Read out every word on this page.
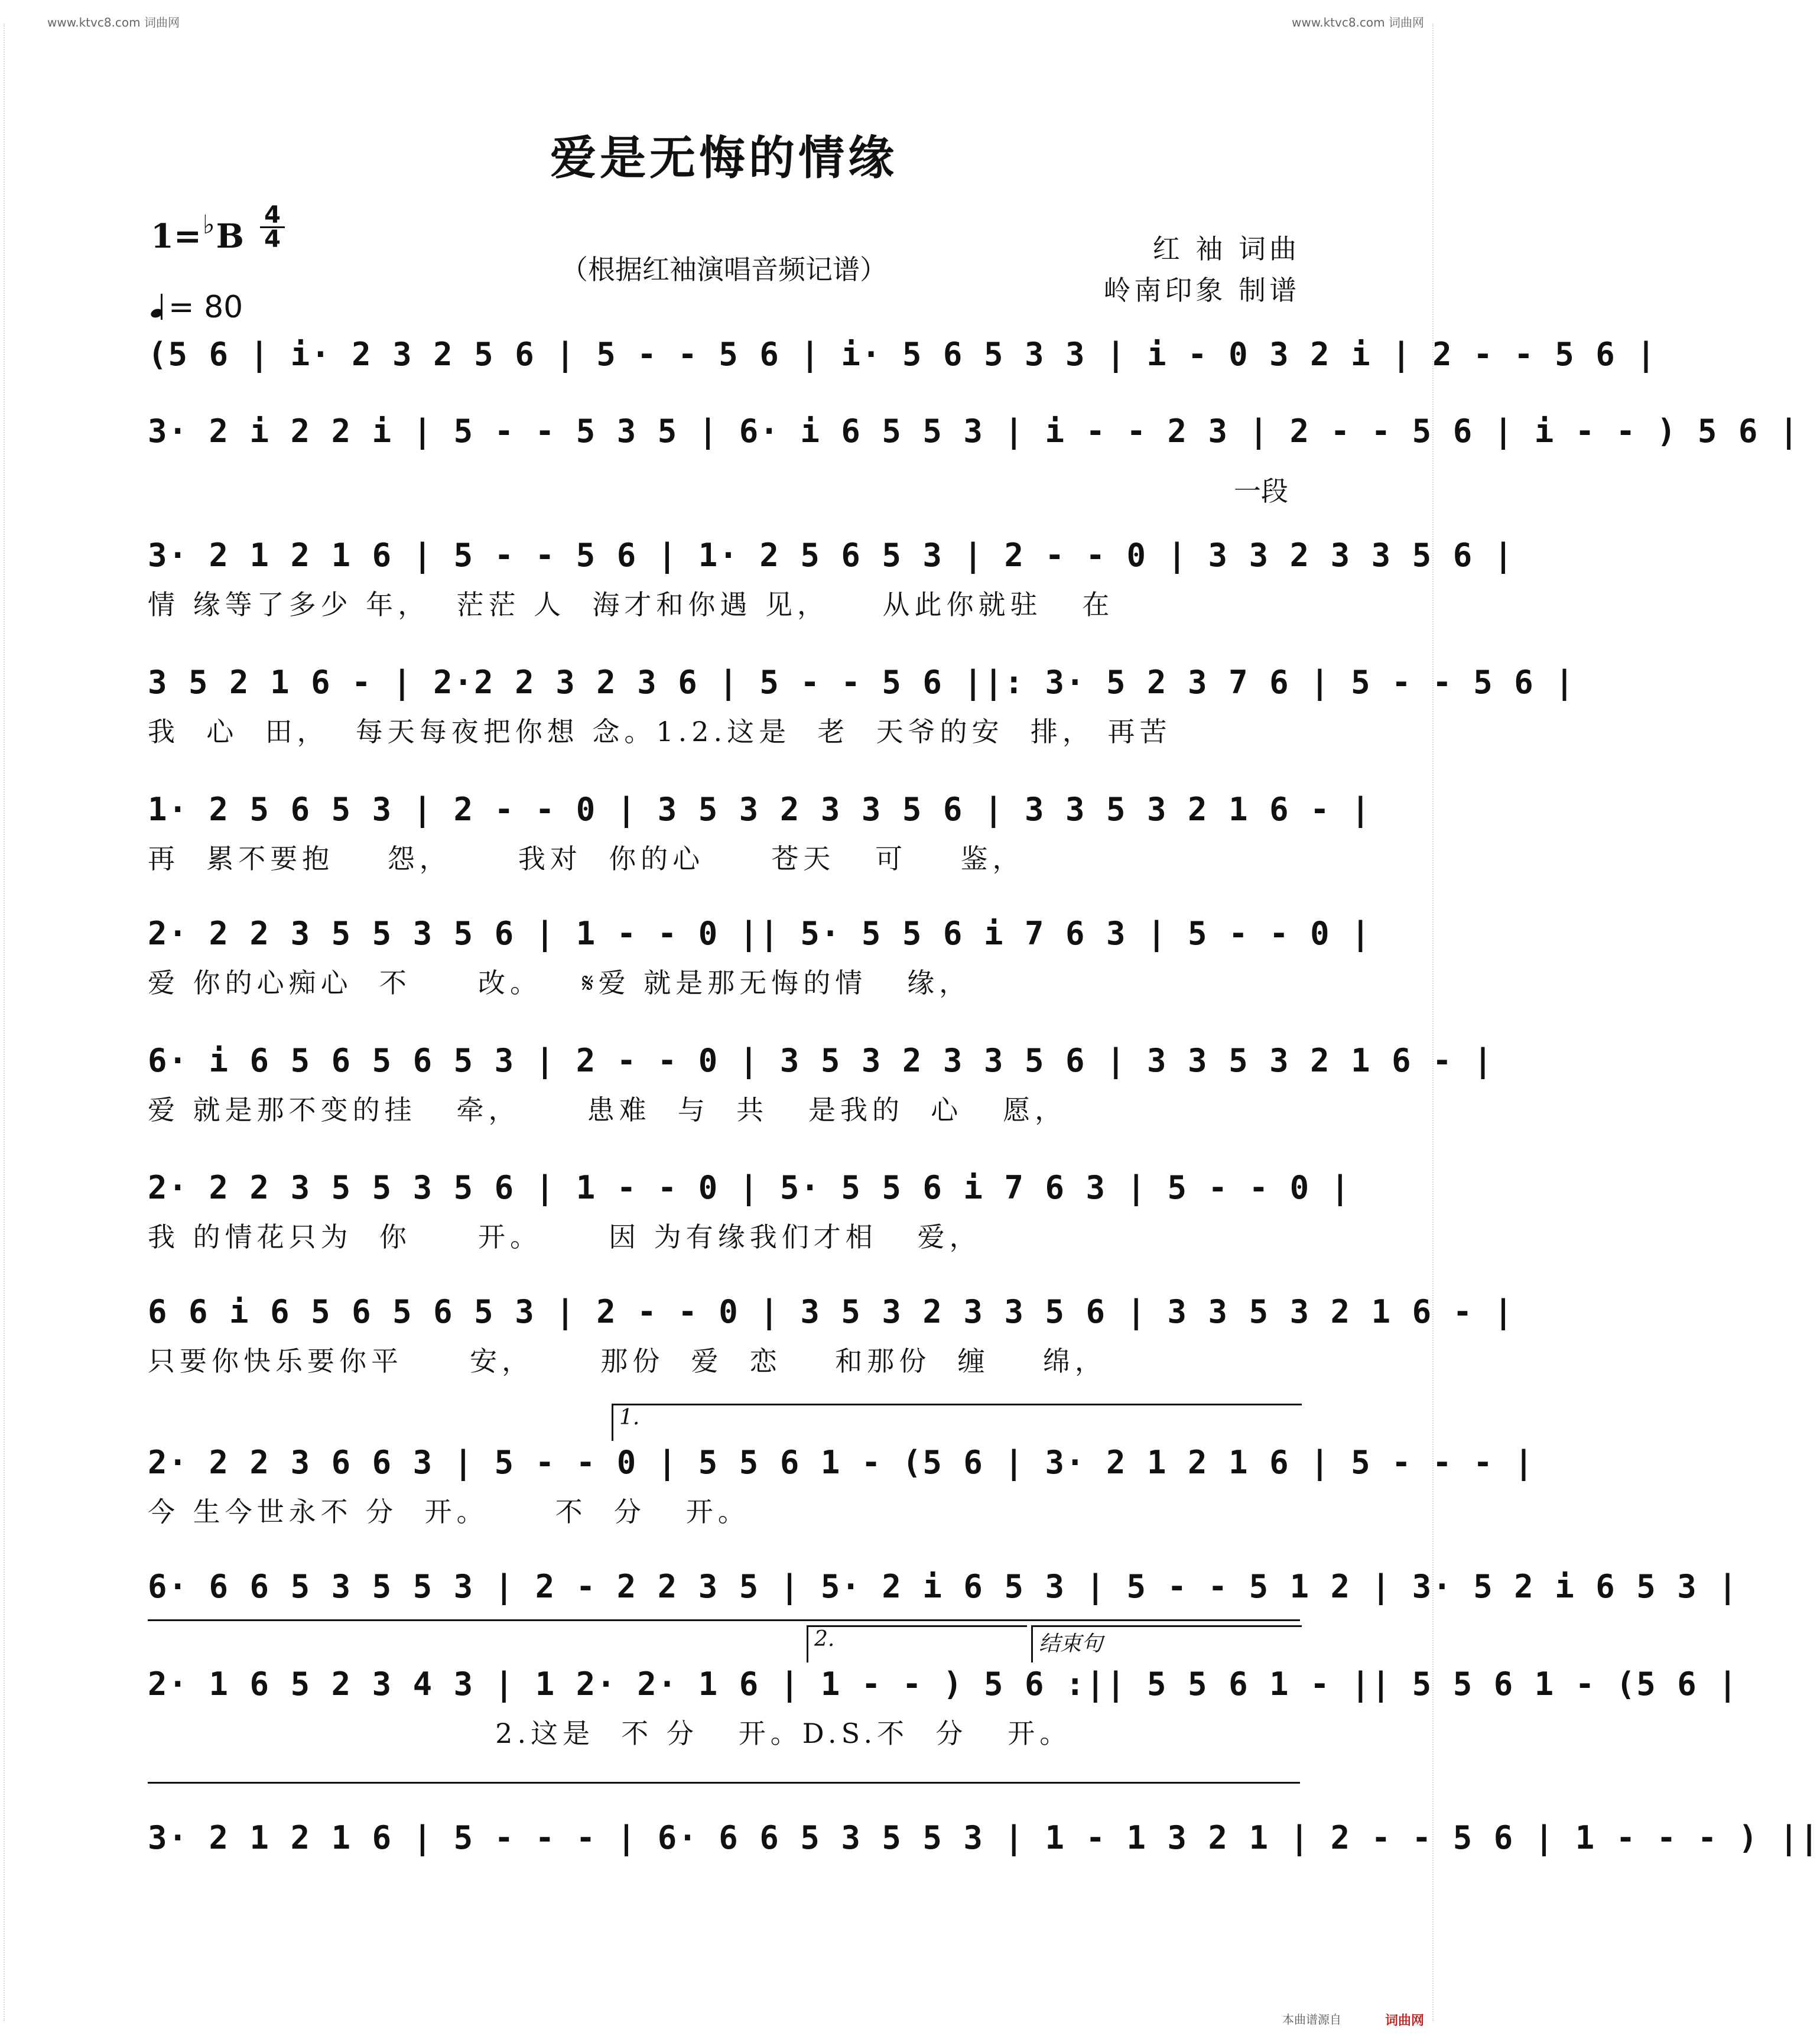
www.ktvc8.com 词曲网	www.ktvc8.com 词曲网
爱是无悔的情缘
1=♭B
4
4
（根据红袖演唱音频记谱）
红 袖 词曲
岭南印象 制谱
= 80
(5 6 | i· 2 3 2 5 6 | 5 - - 5 6 | i· 5 6 5 3 3 | i - 0 3 2 i | 2 - - 5 6 |
3· 2 i 2 2 i | 5 - - 5 3 5 | 6· i 6 5 5 3 | i - - 2 3 | 2 - - 5 6 | i - - ) 5 6 |
一段
3· 2 1 2 1 6 | 5 - - 5 6 | 1· 2 5 6 5 3 | 2 - - 0 | 3 3 2 3 3 5 6 |
情 缘等了多少 年，  茫茫 人  海才和你遇 见，    从此你就驻   在
3 5 2 1 6 - | 2·2 2 3 2 3 6 | 5 - - 5 6 ||: 3· 5 2 3 7 6 | 5 - - 5 6 |
我  心  田，  每天每夜把你想 念。1.2.这是  老  天爷的安  排， 再苦
1· 2 5 6 5 3 | 2 - - 0 | 3 5 3 2 3 3 5 6 | 3 3 5 3 2 1 6 - |
再  累不要抱    怨，     我对  你的心     苍天   可    鉴，
2· 2 2 3 5 5 3 5 6 | 1 - - 0 || 5· 5 5 6 i 7 6 3 | 5 - - 0 |
爱 你的心痴心  不     改。   𝄋爱 就是那无悔的情   缘，
6· i 6 5 6 5 6 5 3 | 2 - - 0 | 3 5 3 2 3 3 5 6 | 3 3 5 3 2 1 6 - |
爱 就是那不变的挂   牵，     患难  与  共   是我的  心   愿，
2· 2 2 3 5 5 3 5 6 | 1 - - 0 | 5· 5 5 6 i 7 6 3 | 5 - - 0 |
我 的情花只为  你     开。     因 为有缘我们才相   爱，
6 6 i 6 5 6 5 6 5 3 | 2 - - 0 | 3 5 3 2 3 3 5 6 | 3 3 5 3 2 1 6 - |
只要你快乐要你平     安，     那份  爱  恋    和那份  缠    绵，
1.
2· 2 2 3 6 6 3 | 5 - - 0 | 5 5 6 1 - (5 6 | 3· 2 1 2 1 6 | 5 - - - |
今 生今世永不 分  开。     不  分   开。
6· 6 6 5 3 5 5 3 | 2 - 2 2 3 5 | 5· 2 i 6 5 3 | 5 - - 5 1 2 | 3· 5 2 i 6 5 3 |
2.	结束句
2· 1 6 5 2 3 4 3 | 1 2· 2· 1 6 | 1 - - ) 5 6 :|| 5 5 6 1 - || 5 5 6 1 - (5 6 |
2.这是  不 分   开。D.S.不  分   开。
3· 2 1 2 1 6 | 5 - - - | 6· 6 6 5 3 5 5 3 | 1 - 1 3 2 1 | 2 - - 5 6 | 1 - - - ) ||
本曲谱源自	词曲网
